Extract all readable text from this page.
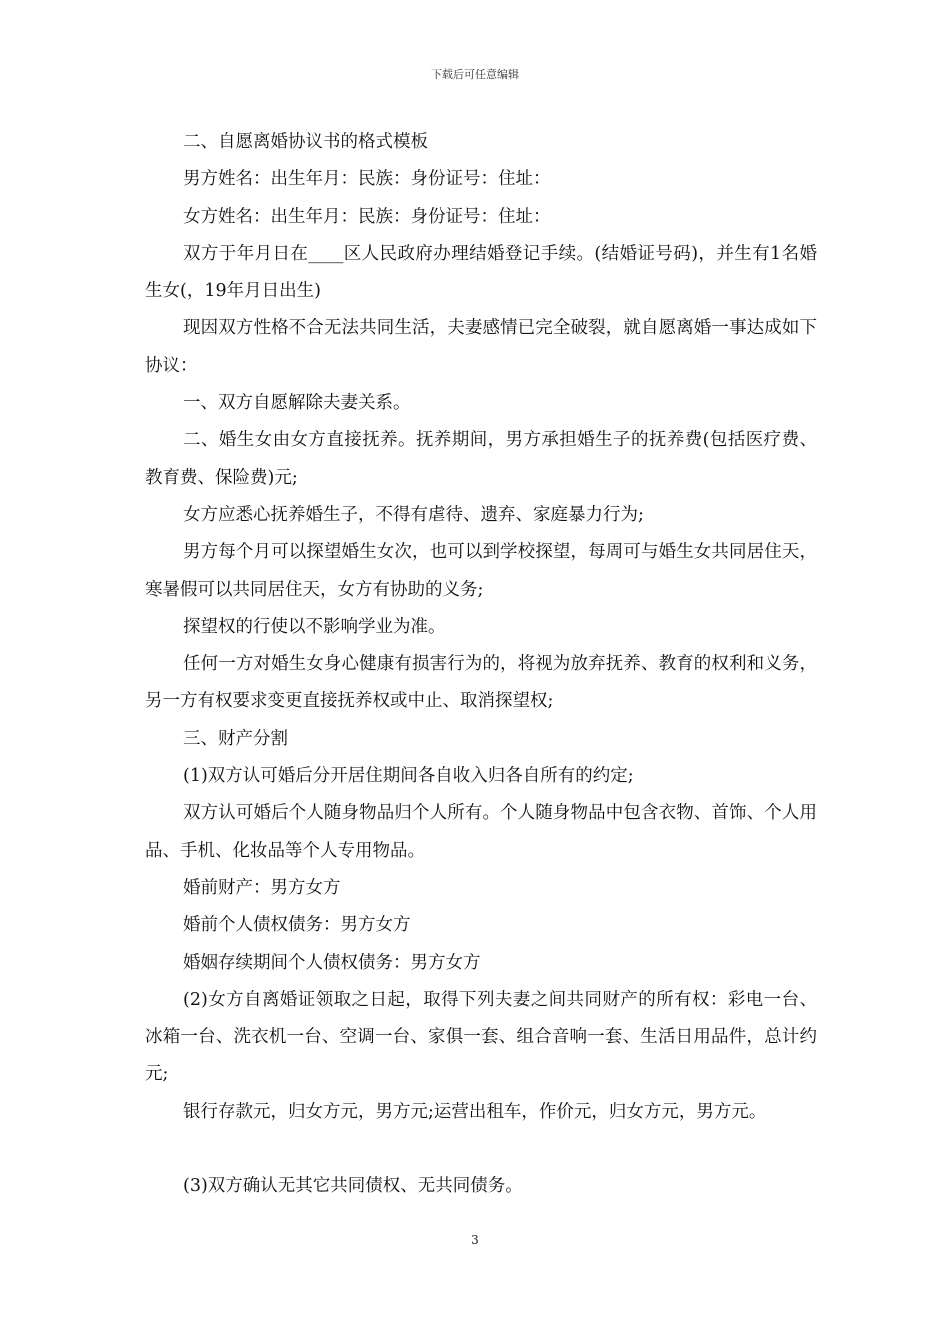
下载后可任意编辑

二、自愿离婚协议书的格式模板

男方姓名：出生年月：民族：身份证号：住址：

女方姓名：出生年月：民族：身份证号：住址：

双方于年月日在____区人民政府办理结婚登记手续。(结婚证号码)，并生有1名婚生女(，19年月日出生)

现因双方性格不合无法共同生活，夫妻感情已完全破裂，就自愿离婚一事达成如下协议：

一、双方自愿解除夫妻关系。

二、婚生女由女方直接抚养。抚养期间，男方承担婚生子的抚养费(包括医疗费、教育费、保险费)元;

女方应悉心抚养婚生子，不得有虐待、遗弃、家庭暴力行为;

男方每个月可以探望婚生女次，也可以到学校探望，每周可与婚生女共同居住天，寒暑假可以共同居住天，女方有协助的义务;

探望权的行使以不影响学业为准。

任何一方对婚生女身心健康有损害行为的，将视为放弃抚养、教育的权利和义务，另一方有权要求变更直接抚养权或中止、取消探望权;

三、财产分割

(1)双方认可婚后分开居住期间各自收入归各自所有的约定;

双方认可婚后个人随身物品归个人所有。个人随身物品中包含衣物、首饰、个人用品、手机、化妆品等个人专用物品。

婚前财产：男方女方

婚前个人债权债务：男方女方

婚姻存续期间个人债权债务：男方女方

(2)女方自离婚证领取之日起，取得下列夫妻之间共同财产的所有权：彩电一台、冰箱一台、洗衣机一台、空调一台、家俱一套、组合音响一套、生活日用品件，总计约元;

银行存款元，归女方元，男方元;运营出租车，作价元，归女方元，男方元。

(3)双方确认无其它共同债权、无共同债务。

3
